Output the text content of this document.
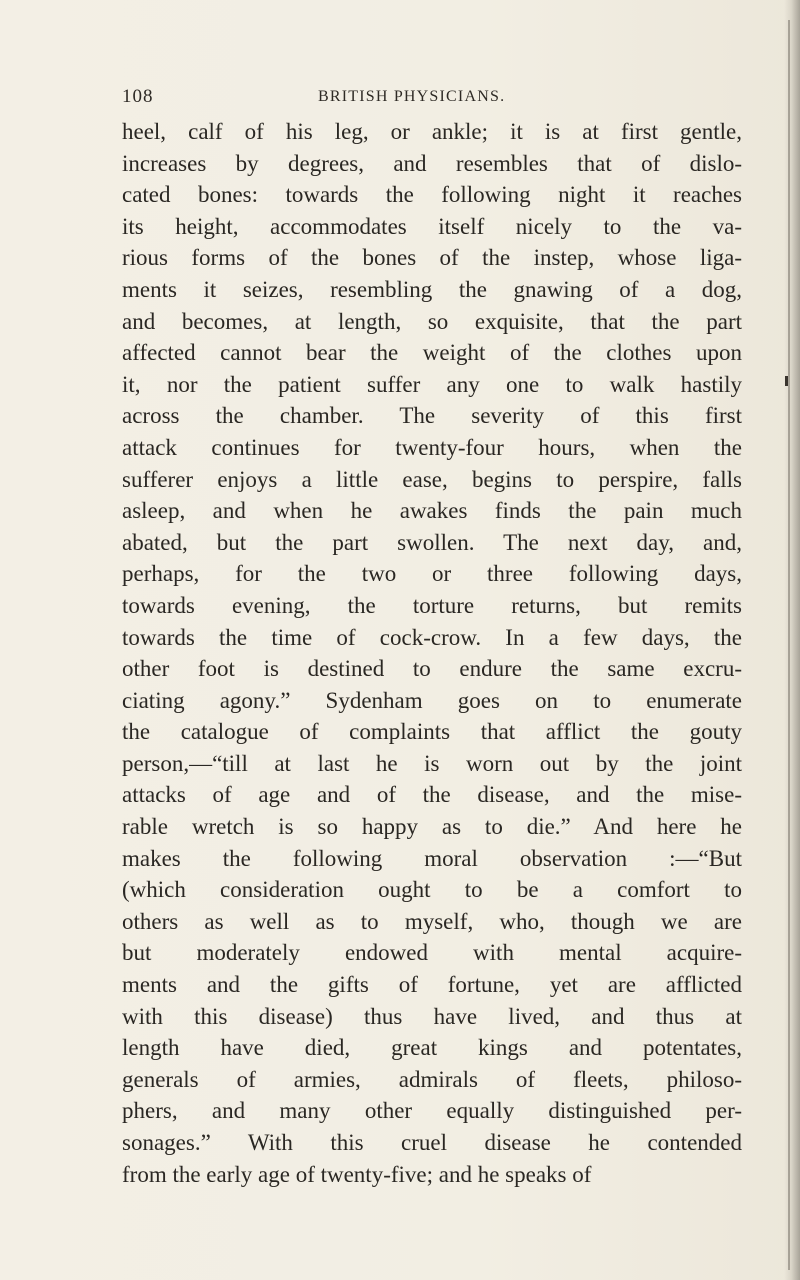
108	BRITISH PHYSICIANS.
heel, calf of his leg, or ankle; it is at first gentle,
increases by degrees, and resembles that of dislo-
cated bones: towards the following night it reaches
its height, accommodates itself nicely to the va-
rious forms of the bones of the instep, whose liga-
ments it seizes, resembling the gnawing of a dog,
and becomes, at length, so exquisite, that the part
affected cannot bear the weight of the clothes upon
it, nor the patient suffer any one to walk hastily
across the chamber. The severity of this first
attack continues for twenty-four hours, when the
sufferer enjoys a little ease, begins to perspire, falls
asleep, and when he awakes finds the pain much
abated, but the part swollen. The next day, and,
perhaps, for the two or three following days,
towards evening, the torture returns, but remits
towards the time of cock-crow. In a few days, the
other foot is destined to endure the same excru-
ciating agony.” Sydenham goes on to enumerate
the catalogue of complaints that afflict the gouty
person,—“till at last he is worn out by the joint
attacks of age and of the disease, and the mise-
rable wretch is so happy as to die.” And here he
makes the following moral observation :—“But
(which consideration ought to be a comfort to
others as well as to myself, who, though we are
but moderately endowed with mental acquire-
ments and the gifts of fortune, yet are afflicted
with this disease) thus have lived, and thus at
length have died, great kings and potentates,
generals of armies, admirals of fleets, philoso-
phers, and many other equally distinguished per-
sonages.” With this cruel disease he contended
from the early age of twenty-five; and he speaks of
